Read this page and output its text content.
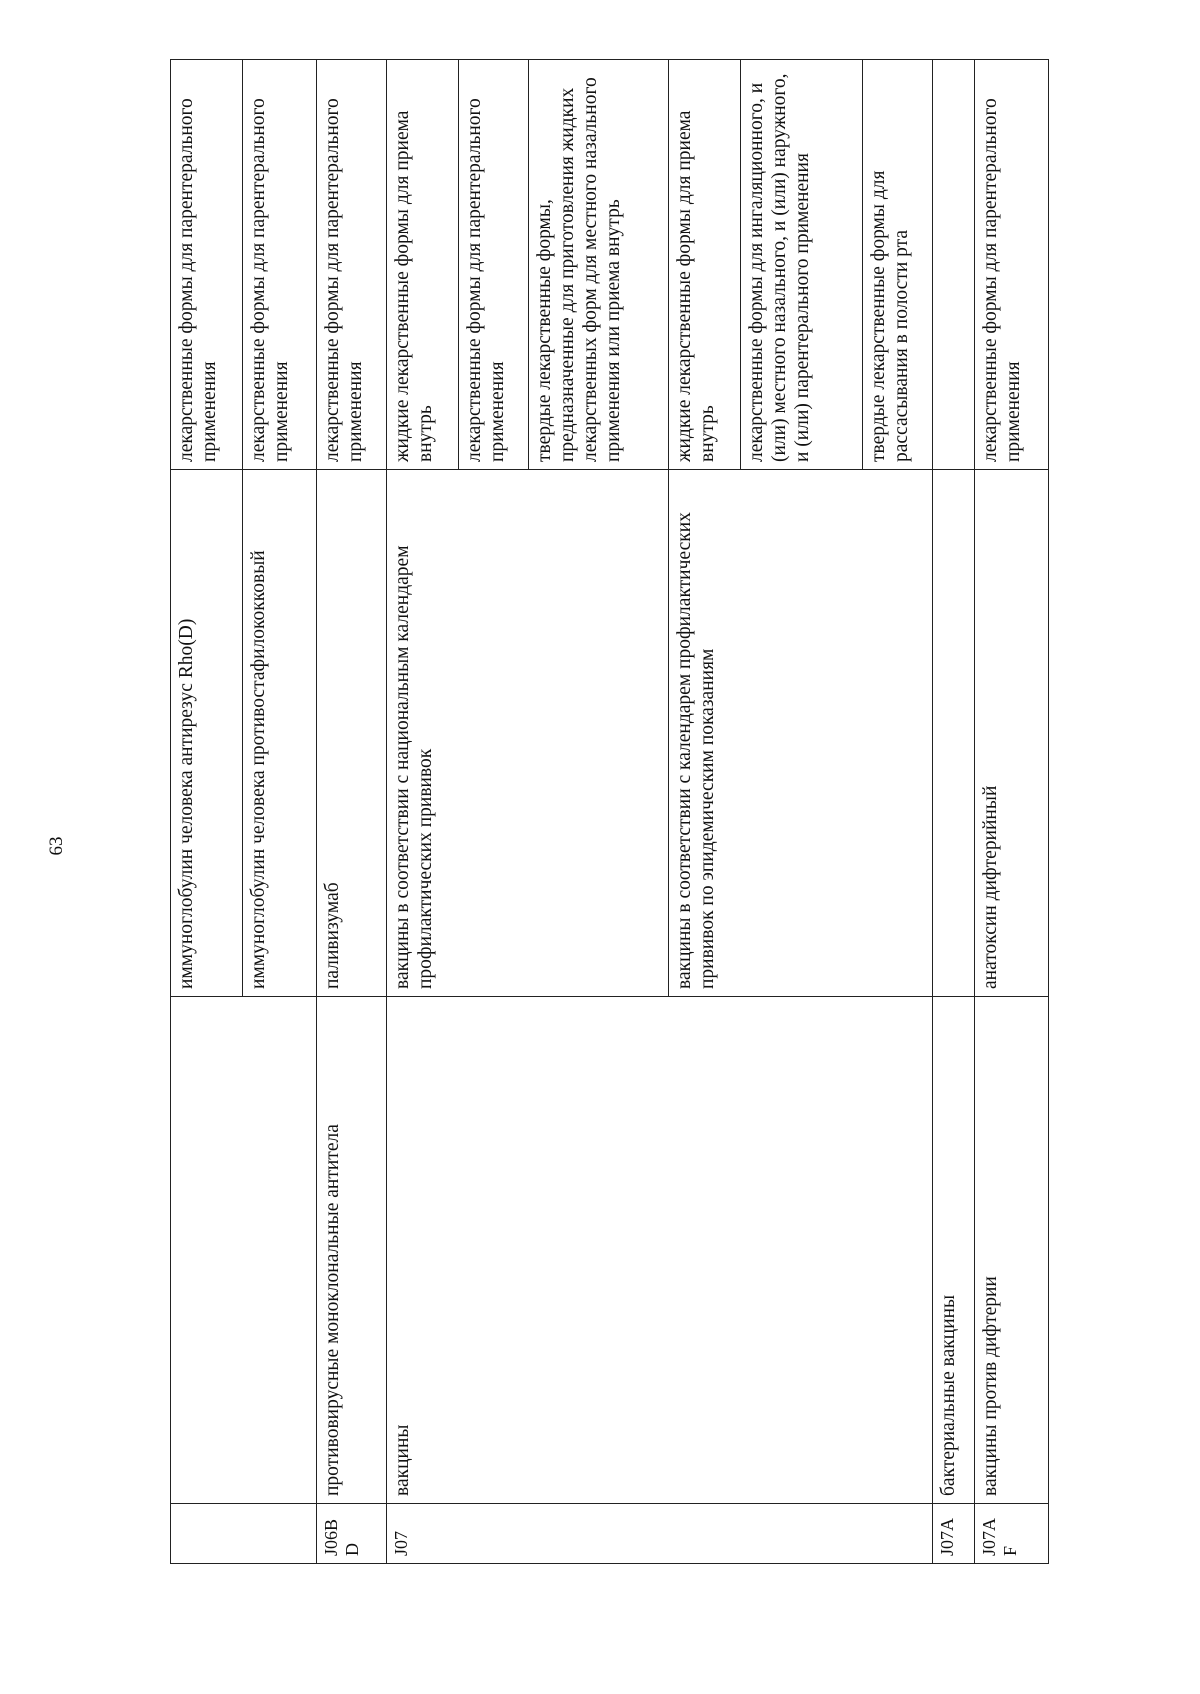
63
			иммуноглобулин человека антирезус Rho(D)	лекарственные формы для парентерального применения
		иммуноглобулин человека противостафилококковый	лекарственные формы для парентерального применения
J06BD	противовирусные моноклональные антитела	паливизумаб	лекарственные формы для парентерального применения
J07	вакцины	вакцины в соответствии с национальным календарем профилактических прививок	жидкие лекарственные формы для приема внутрь
			лекарственные формы для парентерального применения
			твердые лекарственные формы, предназначенные для приготовления жидких лекарственных форм для местного назального применения или приема внутрь
		вакцины в соответствии с календарем профилактических прививок по эпидемическим показаниям	жидкие лекарственные формы для приема внутрь
			лекарственные формы для ингаляционного, и (или) местного назального, и (или) наружного, и (или) парентерального применения
			твердые лекарственные формы для рассасывания в полости рта
J07A	бактериальные вакцины		
J07AF	вакцины против дифтерии	анатоксин дифтерийный	лекарственные формы для парентерального применения
